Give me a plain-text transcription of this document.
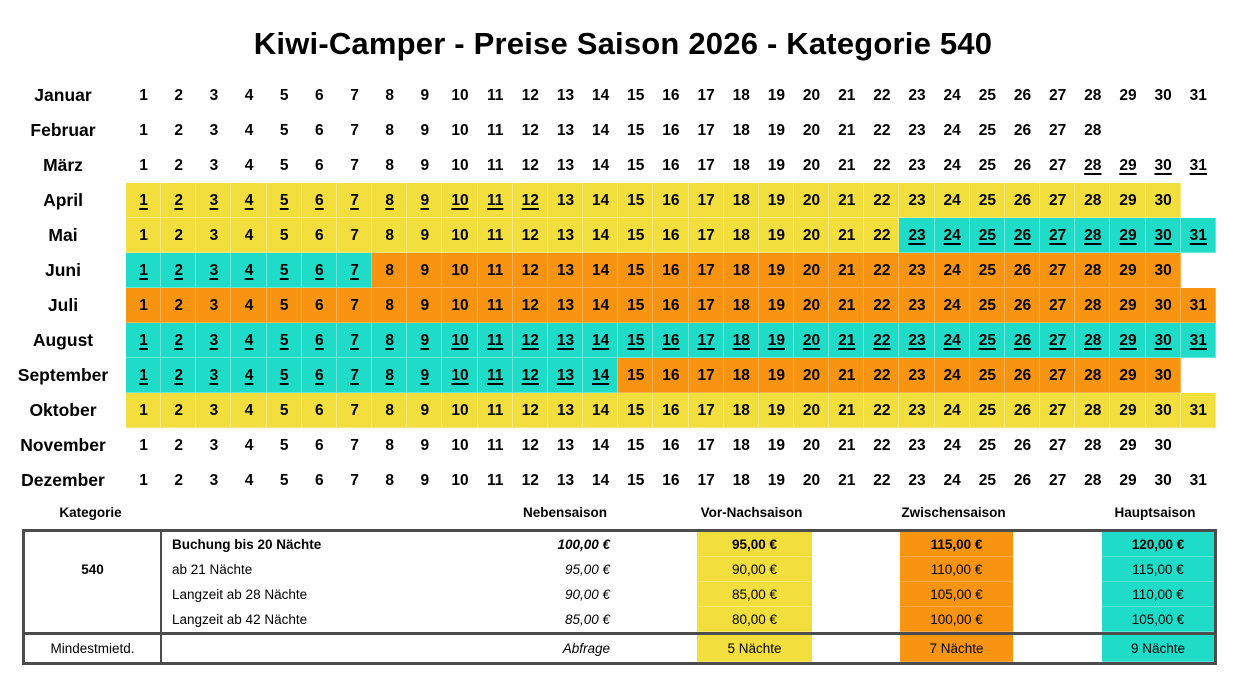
Kiwi-Camper - Preise Saison 2026 - Kategorie 540
Januar	1	2	3	4	5	6	7	8	9	10	11	12	13	14	15	16	17	18	19	20	21	22	23	24	25	26	27	28	29	30	31
Februar	1	2	3	4	5	6	7	8	9	10	11	12	13	14	15	16	17	18	19	20	21	22	23	24	25	26	27	28
März	1	2	3	4	5	6	7	8	9	10	11	12	13	14	15	16	17	18	19	20	21	22	23	24	25	26	27	28	29	30	31
April	1	2	3	4	5	6	7	8	9	10	11	12	13	14	15	16	17	18	19	20	21	22	23	24	25	26	27	28	29	30
Mai	1	2	3	4	5	6	7	8	9	10	11	12	13	14	15	16	17	18	19	20	21	22	23	24	25	26	27	28	29	30	31
Juni	1	2	3	4	5	6	7	8	9	10	11	12	13	14	15	16	17	18	19	20	21	22	23	24	25	26	27	28	29	30
Juli	1	2	3	4	5	6	7	8	9	10	11	12	13	14	15	16	17	18	19	20	21	22	23	24	25	26	27	28	29	30	31
August	1	2	3	4	5	6	7	8	9	10	11	12	13	14	15	16	17	18	19	20	21	22	23	24	25	26	27	28	29	30	31
September	1	2	3	4	5	6	7	8	9	10	11	12	13	14	15	16	17	18	19	20	21	22	23	24	25	26	27	28	29	30
Oktober	1	2	3	4	5	6	7	8	9	10	11	12	13	14	15	16	17	18	19	20	21	22	23	24	25	26	27	28	29	30	31
November	1	2	3	4	5	6	7	8	9	10	11	12	13	14	15	16	17	18	19	20	21	22	23	24	25	26	27	28	29	30
Dezember	1	2	3	4	5	6	7	8	9	10	11	12	13	14	15	16	17	18	19	20	21	22	23	24	25	26	27	28	29	30	31
Kategorie	Nebensaison	Vor-Nachsaison	Zwischensaison	Hauptsaison
540
Buchung bis 20 Nächte	100,00 €	95,00 €	115,00 €	120,00 €
ab 21 Nächte	95,00 €	90,00 €	110,00 €	115,00 €
Langzeit ab 28 Nächte	90,00 €	85,00 €	105,00 €	110,00 €
Langzeit ab 42 Nächte	85,00 €	80,00 €	100,00 €	105,00 €
Mindestmietd.	Abfrage	5 Nächte	7 Nächte	9 Nächte
